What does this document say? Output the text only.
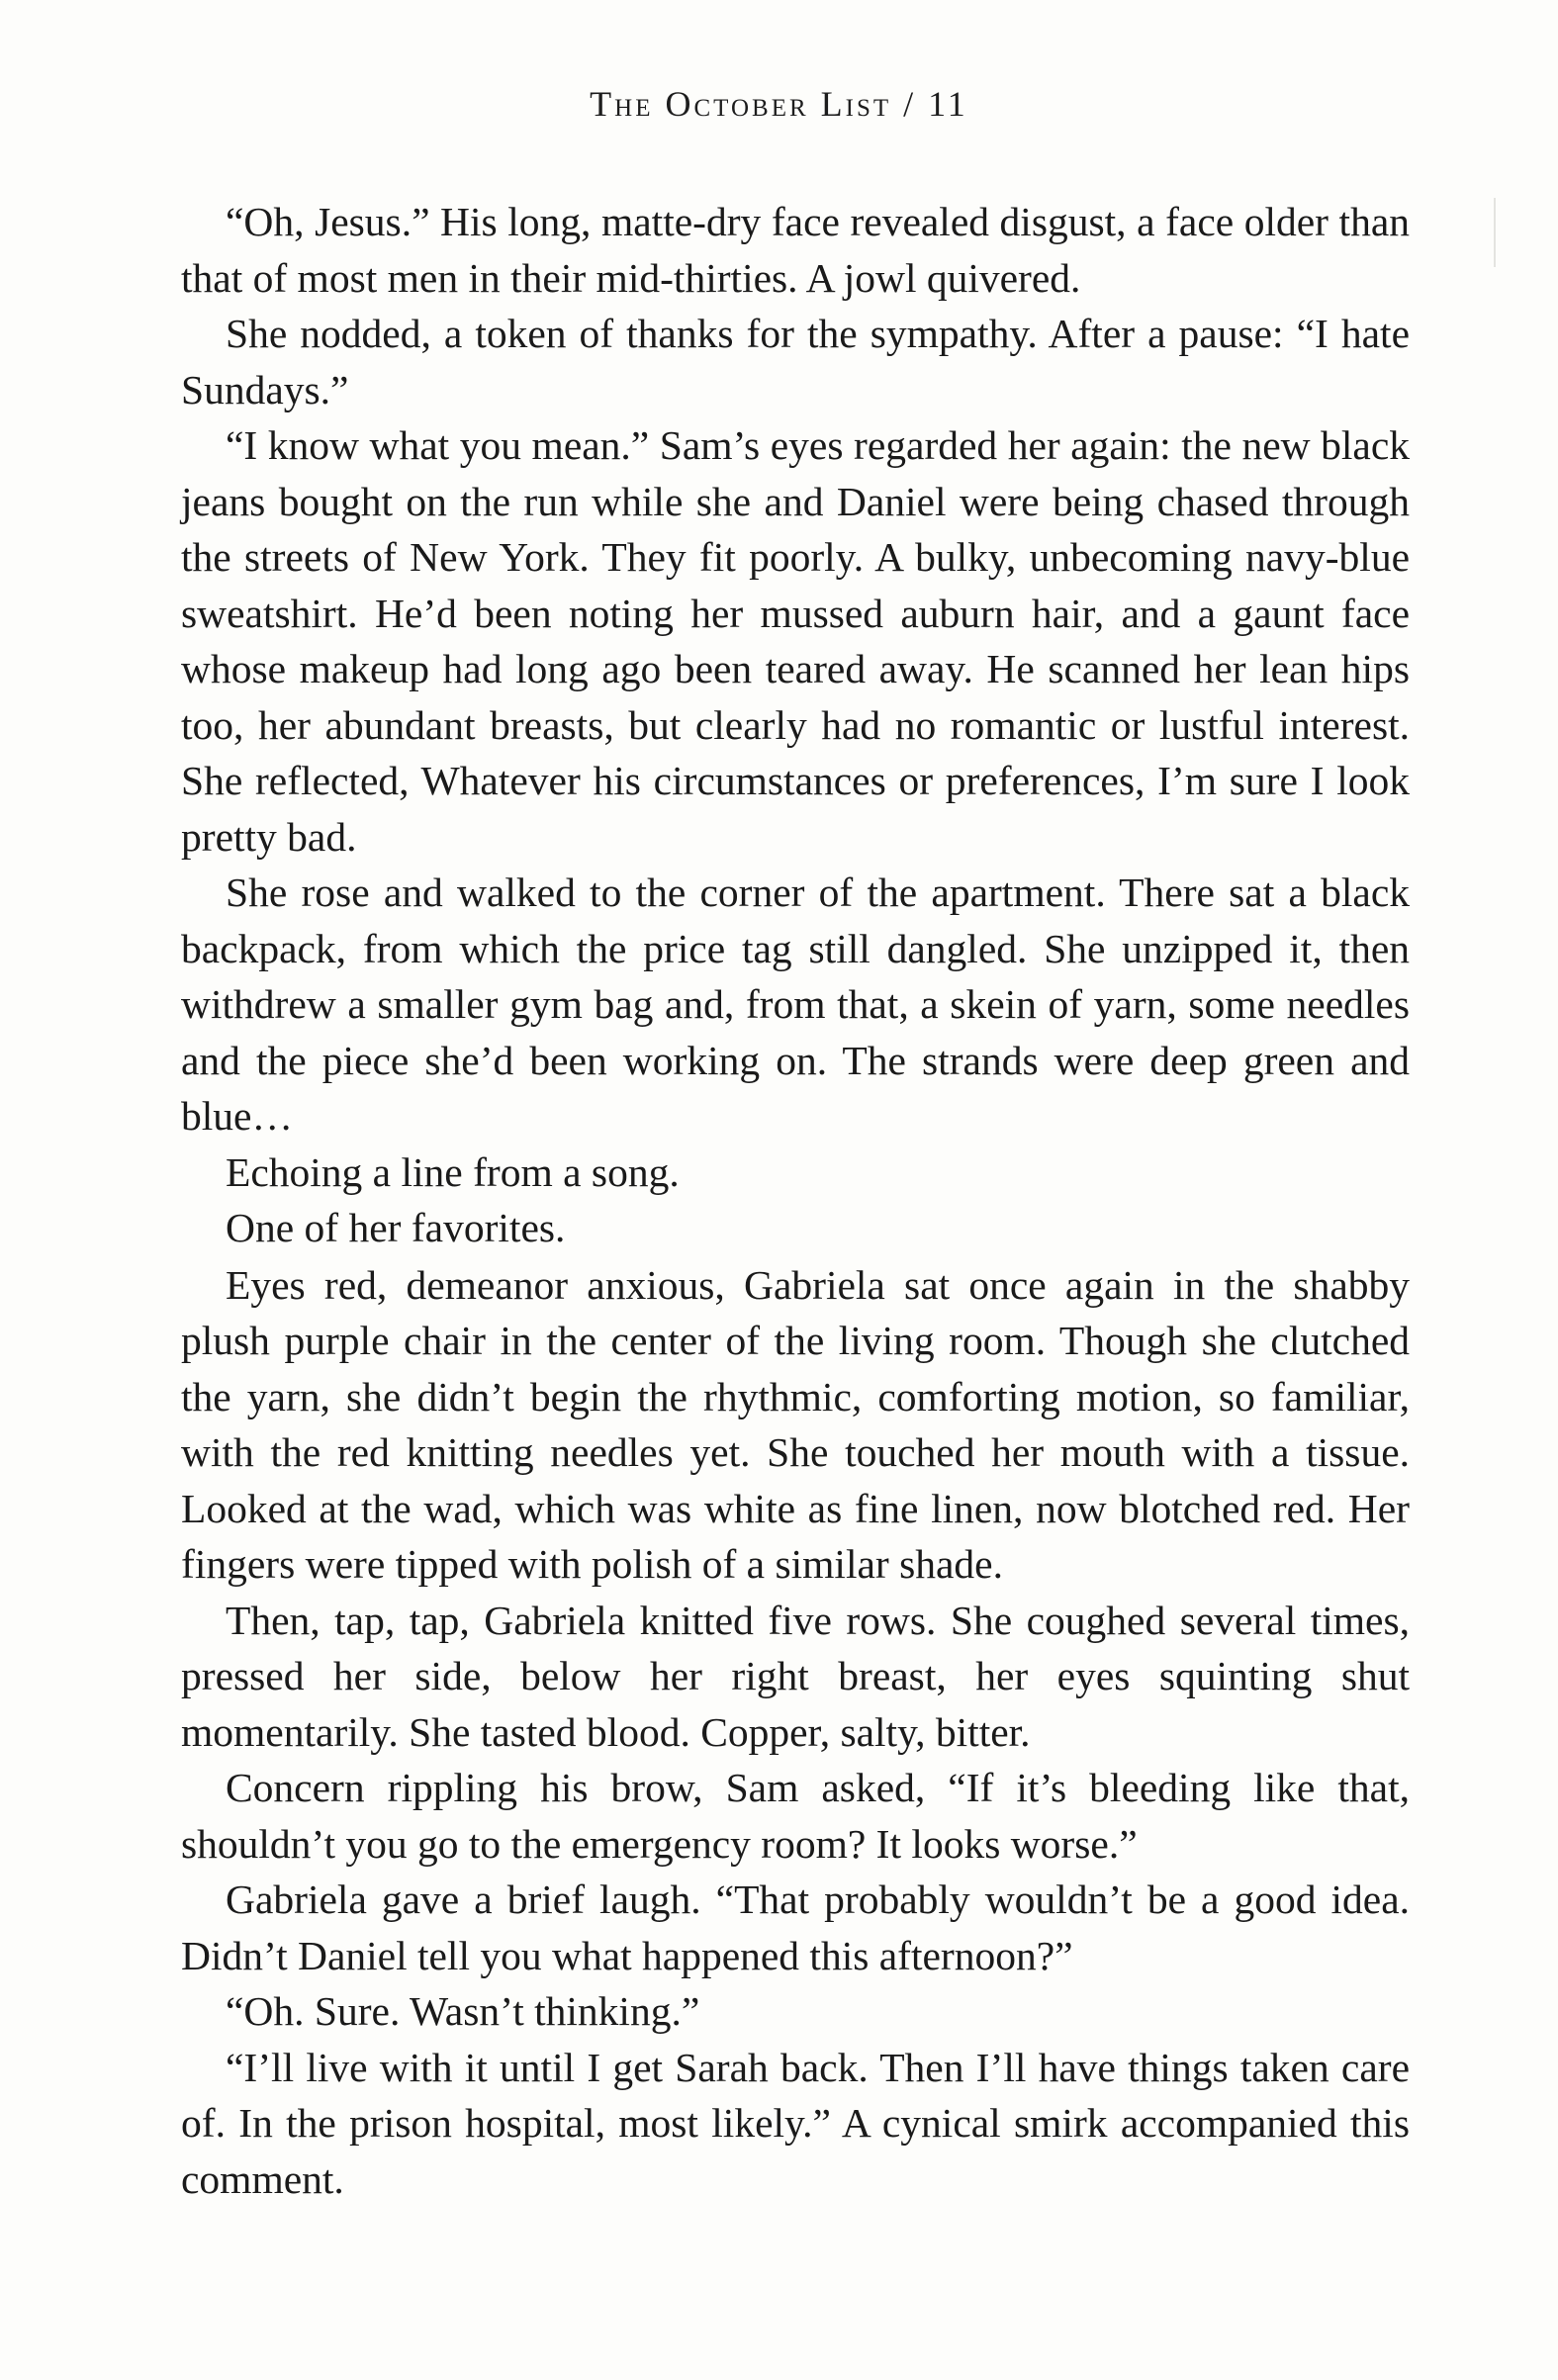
The October List / 11

“Oh, Jesus.” His long, matte-dry face revealed disgust, a face older than that of most men in their mid-thirties. A jowl quivered.

She nodded, a token of thanks for the sympathy. After a pause: “I hate Sundays.”

“I know what you mean.” Sam’s eyes regarded her again: the new black jeans bought on the run while she and Daniel were being chased through the streets of New York. They fit poorly. A bulky, unbecoming navy-blue sweatshirt. He’d been noting her mussed auburn hair, and a gaunt face whose makeup had long ago been teared away. He scanned her lean hips too, her abundant breasts, but clearly had no romantic or lustful interest. She reflected, Whatever his circumstances or preferences, I’m sure I look pretty bad.

She rose and walked to the corner of the apartment. There sat a black backpack, from which the price tag still dangled. She unzipped it, then withdrew a smaller gym bag and, from that, a skein of yarn, some needles and the piece she’d been working on. The strands were deep green and blue…

Echoing a line from a song.

One of her favorites.

Eyes red, demeanor anxious, Gabriela sat once again in the shabby plush purple chair in the center of the living room. Though she clutched the yarn, she didn’t begin the rhythmic, comforting motion, so familiar, with the red knitting needles yet. She touched her mouth with a tissue. Looked at the wad, which was white as fine linen, now blotched red. Her fingers were tipped with polish of a similar shade.

Then, tap, tap, Gabriela knitted five rows. She coughed several times, pressed her side, below her right breast, her eyes squinting shut momentarily. She tasted blood. Copper, salty, bitter.

Concern rippling his brow, Sam asked, “If it’s bleeding like that, shouldn’t you go to the emergency room? It looks worse.”

Gabriela gave a brief laugh. “That probably wouldn’t be a good idea. Didn’t Daniel tell you what happened this afternoon?”

“Oh. Sure. Wasn’t thinking.”

“I’ll live with it until I get Sarah back. Then I’ll have things taken care of. In the prison hospital, most likely.” A cynical smirk accompanied this comment.
